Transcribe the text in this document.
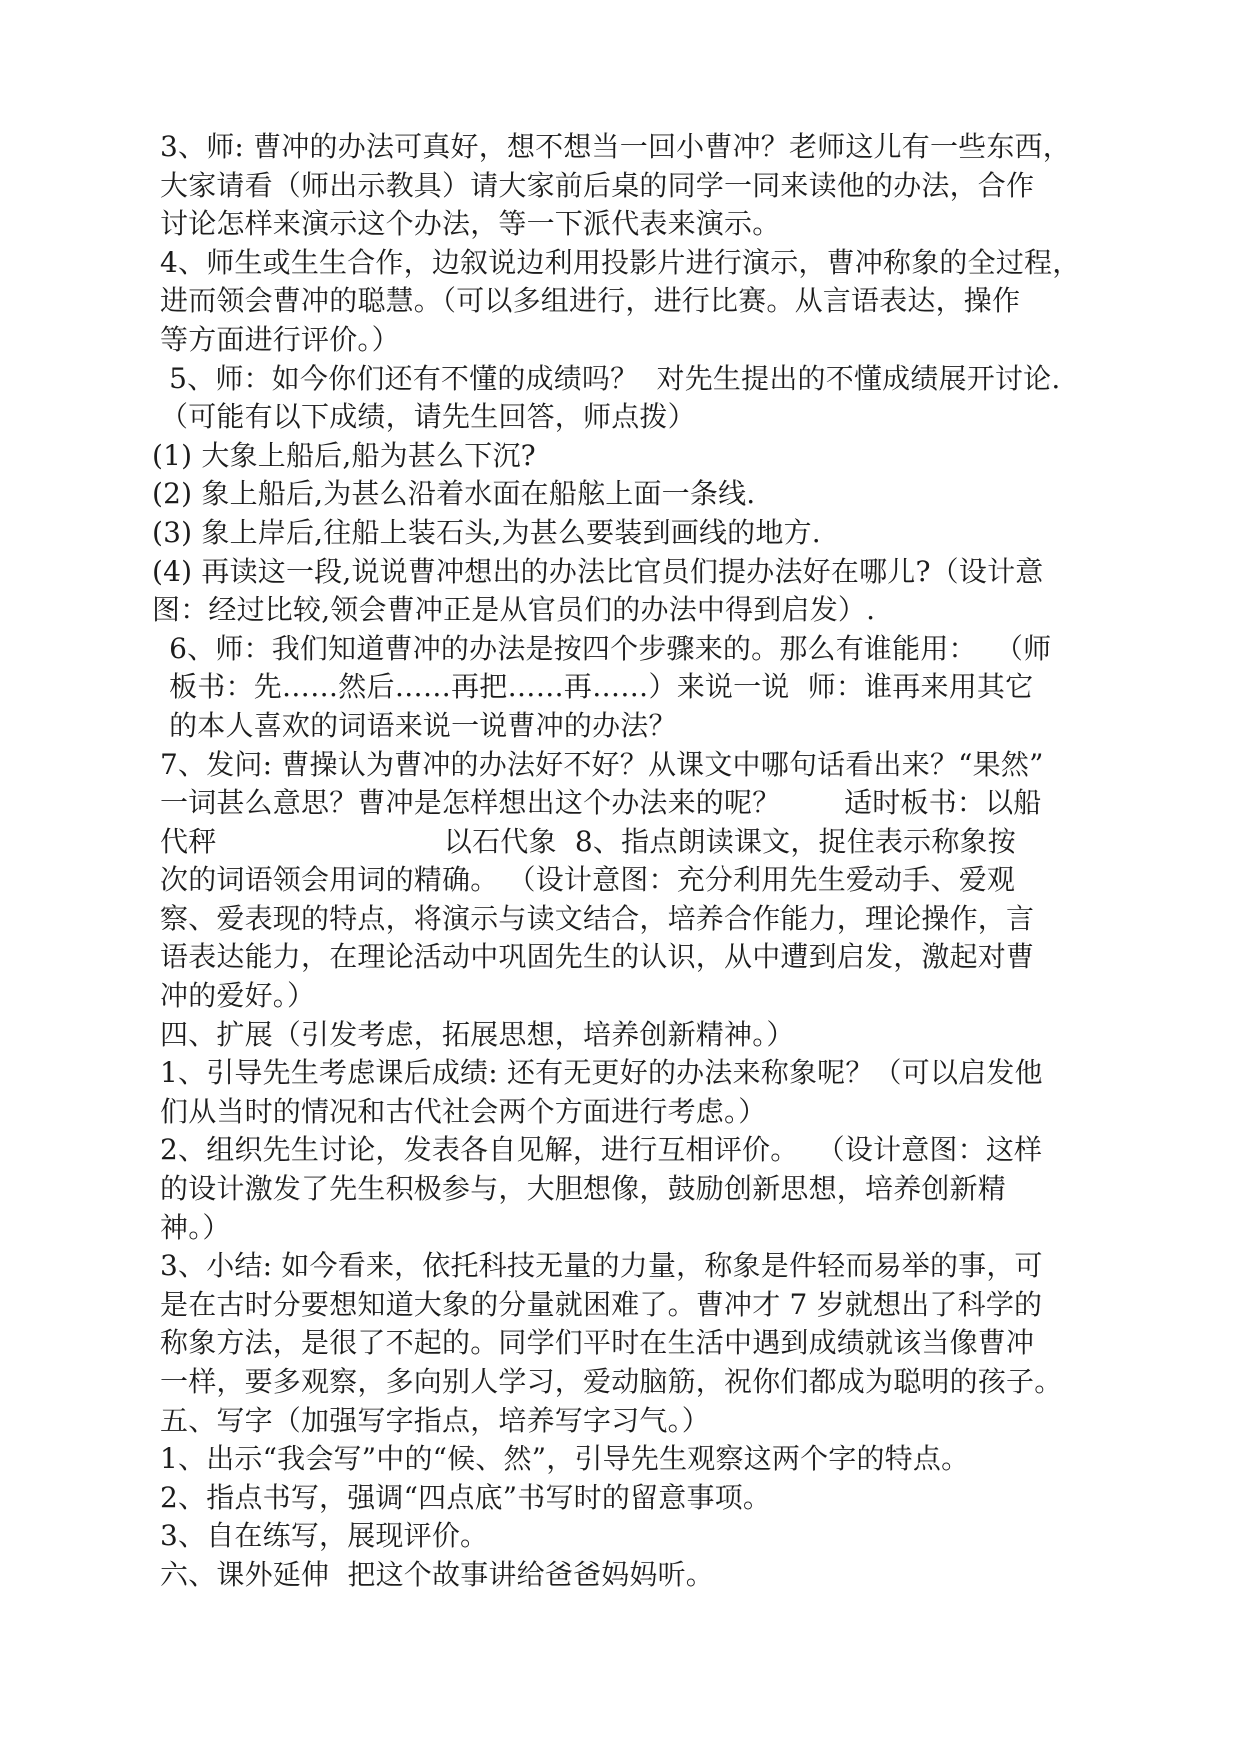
3、师: 曹冲的办法可真好，想不想当一回小曹冲？老师这儿有一些东西，
大家请看（师出示教具）请大家前后桌的同学一同来读他的办法，合作
讨论怎样来演示这个办法，等一下派代表来演示。
4、师生或生生合作，边叙说边利用投影片进行演示，曹冲称象的全过程，
进而领会曹冲的聪慧。（可以多组进行，进行比赛。从言语表达，操作
等方面进行评价。）
5、师：如今你们还有不懂的成绩吗？  对先生提出的不懂成绩展开讨论.
（可能有以下成绩，请先生回答，师点拨）
(1) 大象上船后,船为甚么下沉?
(2) 象上船后,为甚么沿着水面在船舷上面一条线.
(3) 象上岸后,往船上装石头,为甚么要装到画线的地方.
(4) 再读这一段,说说曹冲想出的办法比官员们提办法好在哪儿?（设计意
图：经过比较,领会曹冲正是从官员们的办法中得到启发）.
6、师：我们知道曹冲的办法是按四个步骤来的。那么有谁能用：  （师
板书：先……然后……再把……再……）来说一说  师：谁再来用其它
的本人喜欢的词语来说一说曹冲的办法？
7、发问: 曹操认为曹冲的办法好不好？从课文中哪句话看出来？“果然”
一词甚么意思？曹冲是怎样想出这个办法来的呢？       适时板书：以船
代秤                         以石代象  8、指点朗读课文，捉住表示称象按
次的词语领会用词的精确。 （设计意图：充分利用先生爱动手、爱观
察、爱表现的特点，将演示与读文结合，培养合作能力，理论操作，言
语表达能力，在理论活动中巩固先生的认识，从中遭到启发，激起对曹
冲的爱好。）
四、扩展（引发考虑，拓展思想，培养创新精神。）
1、引导先生考虑课后成绩: 还有无更好的办法来称象呢？（可以启发他
们从当时的情况和古代社会两个方面进行考虑。）
2、组织先生讨论，发表各自见解，进行互相评价。  （设计意图：这样
的设计激发了先生积极参与，大胆想像，鼓励创新思想，培养创新精
神。）
3、小结: 如今看来，依托科技无量的力量，称象是件轻而易举的事，可
是在古时分要想知道大象的分量就困难了。曹冲才 7 岁就想出了科学的
称象方法，是很了不起的。同学们平时在生活中遇到成绩就该当像曹冲
一样，要多观察，多向别人学习，爱动脑筋，祝你们都成为聪明的孩子。
五、写字（加强写字指点，培养写字习气。）
1、出示“我会写”中的“候、然”，引导先生观察这两个字的特点。
2、指点书写，强调“四点底”书写时的留意事项。
3、自在练写，展现评价。
六、课外延伸  把这个故事讲给爸爸妈妈听。
